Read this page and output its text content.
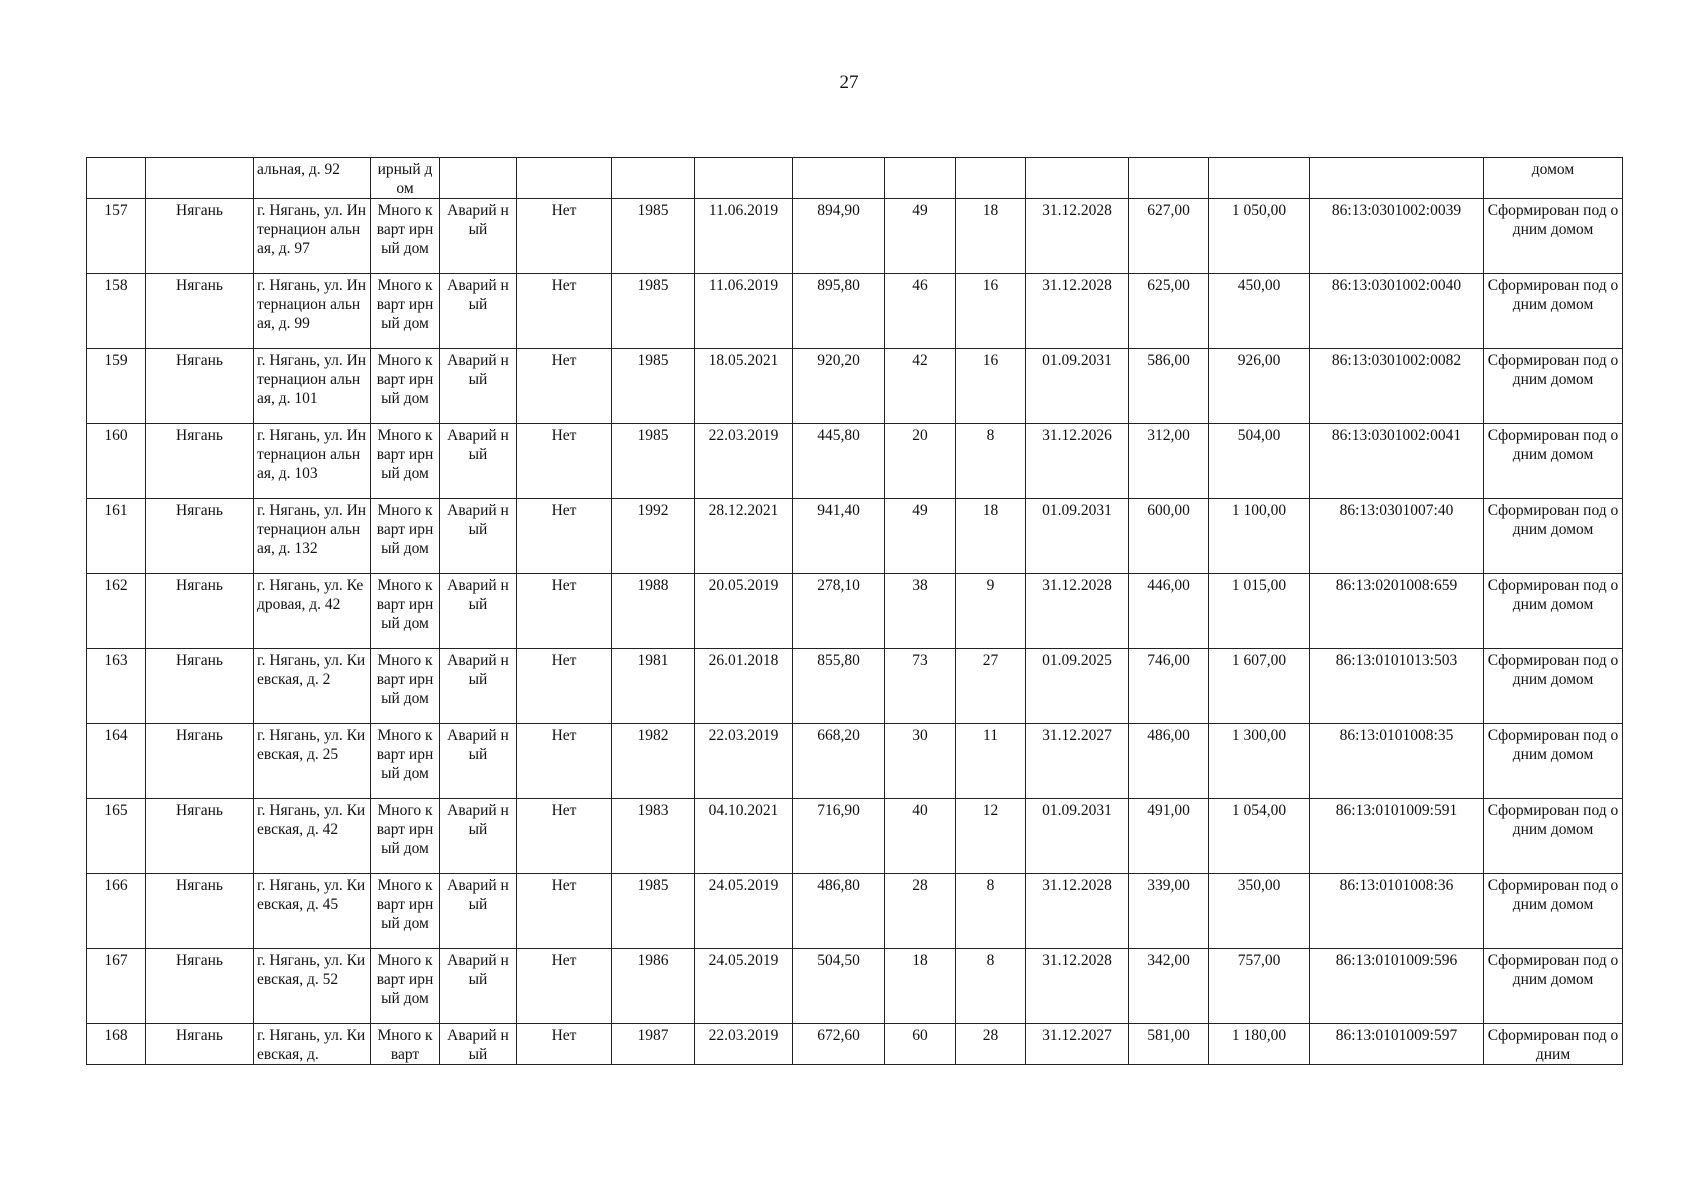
27
		альная, д. 92	ирный дом												домом
157	Нягань	г. Нягань, ул. Интернацион альная, д. 97	Много кварт ирный дом	Аварий ный	Нет	1985	11.06.2019	894,90	49	18	31.12.2028	627,00	1 050,00	86:13:0301002:0039	Сформирован под одним домом
158	Нягань	г. Нягань, ул. Интернацион альная, д. 99	Много кварт ирный дом	Аварий ный	Нет	1985	11.06.2019	895,80	46	16	31.12.2028	625,00	450,00	86:13:0301002:0040	Сформирован под одним домом
159	Нягань	г. Нягань, ул. Интернацион альная, д. 101	Много кварт ирный дом	Аварий ный	Нет	1985	18.05.2021	920,20	42	16	01.09.2031	586,00	926,00	86:13:0301002:0082	Сформирован под одним домом
160	Нягань	г. Нягань, ул. Интернацион альная, д. 103	Много кварт ирный дом	Аварий ный	Нет	1985	22.03.2019	445,80	20	8	31.12.2026	312,00	504,00	86:13:0301002:0041	Сформирован под одним домом
161	Нягань	г. Нягань, ул. Интернацион альная, д. 132	Много кварт ирный дом	Аварий ный	Нет	1992	28.12.2021	941,40	49	18	01.09.2031	600,00	1 100,00	86:13:0301007:40	Сформирован под одним домом
162	Нягань	г. Нягань, ул. Кедровая, д. 42	Много кварт ирный дом	Аварий ный	Нет	1988	20.05.2019	278,10	38	9	31.12.2028	446,00	1 015,00	86:13:0201008:659	Сформирован под одним домом
163	Нягань	г. Нягань, ул. Киевская, д. 2	Много кварт ирный дом	Аварий ный	Нет	1981	26.01.2018	855,80	73	27	01.09.2025	746,00	1 607,00	86:13:0101013:503	Сформирован под одним домом
164	Нягань	г. Нягань, ул. Киевская, д. 25	Много кварт ирный дом	Аварий ный	Нет	1982	22.03.2019	668,20	30	11	31.12.2027	486,00	1 300,00	86:13:0101008:35	Сформирован под одним домом
165	Нягань	г. Нягань, ул. Киевская, д. 42	Много кварт ирный дом	Аварий ный	Нет	1983	04.10.2021	716,90	40	12	01.09.2031	491,00	1 054,00	86:13:0101009:591	Сформирован под одним домом
166	Нягань	г. Нягань, ул. Киевская, д. 45	Много кварт ирный дом	Аварий ный	Нет	1985	24.05.2019	486,80	28	8	31.12.2028	339,00	350,00	86:13:0101008:36	Сформирован под одним домом
167	Нягань	г. Нягань, ул. Киевская, д. 52	Много кварт ирный дом	Аварий ный	Нет	1986	24.05.2019	504,50	18	8	31.12.2028	342,00	757,00	86:13:0101009:596	Сформирован под одним домом
168	Нягань	г. Нягань, ул. Киевская, д.	Много кварт	Аварий ный	Нет	1987	22.03.2019	672,60	60	28	31.12.2027	581,00	1 180,00	86:13:0101009:597	Сформирован под одним
